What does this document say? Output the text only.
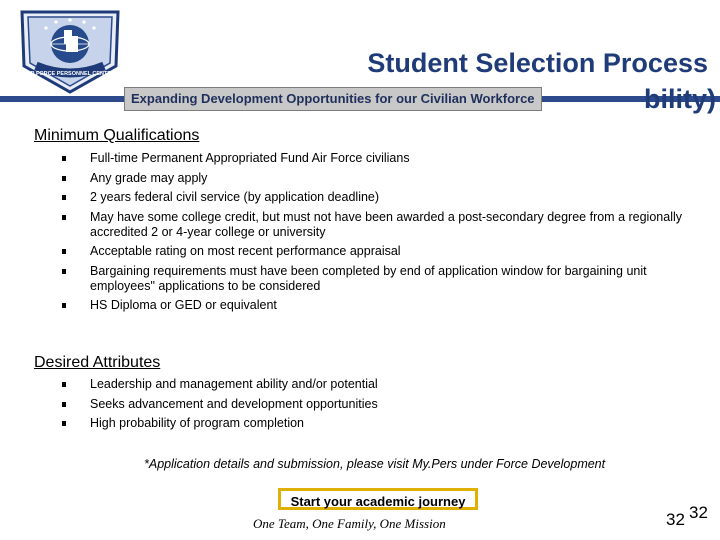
AIR FORCE PERSONNEL CENTER	Student Selection Process
bility)
Expanding Development Opportunities for our Civilian Workforce
Minimum Qualifications
Full-time Permanent Appropriated Fund Air Force civilians
Any grade may apply
2 years federal civil service (by application deadline)
May have some college credit, but must not have been awarded a post-secondary degree from a regionally accredited 2 or 4-year college or university
Acceptable rating on most recent performance appraisal
Bargaining requirements must have been completed by end of application window for bargaining unit employees" applications to be considered
HS Diploma or GED or equivalent
Desired Attributes
Leadership and management ability and/or potential
Seeks advancement and development opportunities
High probability of program completion
*Application details and submission, please visit My.Pers under Force Development
Start your academic journey
One Team, One Family, One Mission	32 32
